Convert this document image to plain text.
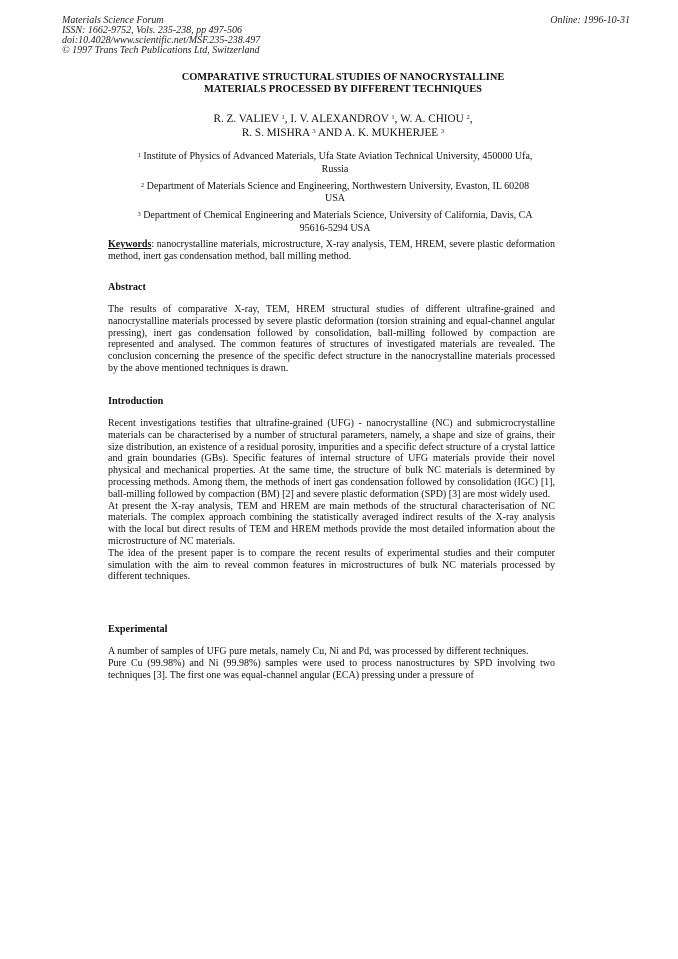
Materials Science Forum
ISSN: 1662-9752, Vols. 235-238, pp 497-506
doi:10.4028/www.scientific.net/MSF.235-238.497
© 1997 Trans Tech Publications Ltd, Switzerland
Online: 1996-10-31
COMPARATIVE STRUCTURAL STUDIES OF NANOCRYSTALLINE
MATERIALS PROCESSED BY DIFFERENT TECHNIQUES
R. Z. VALIEV $^1$, I. V. ALEXANDROV $^1$, W. A. CHIOU $^2$,
R. S. MISHRA $^3$ AND A. K. MUKHERJEE $^3$
$^1$ Institute of Physics of Advanced Materials, Ufa State Aviation Technical University, 450000 Ufa,
Russia
$^2$ Department of Materials Science and Engineering, Northwestern University, Evaston, IL 60208
USA
$^3$ Department of Chemical Engineering and Materials Science, University of California, Davis, CA
95616-5294 USA
Keywords: nanocrystalline materials, microstructure, X-ray analysis, TEM, HREM, severe plastic deformation method, inert gas condensation method, ball milling method.
Abstract
The results of comparative X-ray, TEM, HREM structural studies of different ultrafine-grained and nanocrystalline materials processed by severe plastic deformation (torsion straining and equal-channel angular pressing), inert gas condensation followed by consolidation, ball-milling followed by compaction are represented and analysed. The common features of structures of investigated materials are revealed. The conclusion concerning the presence of the specific defect structure in the nanocrystalline materials processed by the above mentioned techniques is drawn.
Introduction

Recent investigations testifies that ultrafine-grained (UFG) - nanocrystalline (NC) and submicrocrystalline materials can be characterised by a number of structural parameters, namely, a shape and size of grains, their size distribution, an existence of a residual porosity, impurities and a specific defect structure of a crystal lattice and grain boundaries (GBs). Specific features of internal structure of UFG materials provide their novel physical and mechanical properties. At the same time, the structure of bulk NC materials is determined by processing methods. Among them, the methods of inert gas condensation followed by consolidation (IGC) [1], ball-milling followed by compaction (BM) [2] and severe plastic deformation (SPD) [3] are most widely used.

At present the X-ray analysis, TEM and HREM are main methods of the structural characterisation of NC materials. The complex approach combining the statistically averaged indirect results of the X-ray analysis with the local but direct results of TEM and HREM methods provide the most detailed information about the microstructure of NC materials.

The idea of the present paper is to compare the recent results of experimental studies and their computer simulation with the aim to reveal common features in microstructures of bulk NC materials processed by different techniques.

Experimental

A number of samples of UFG pure metals, namely Cu, Ni and Pd, was processed by different techniques.

Pure Cu (99.98%) and Ni (99.98%) samples were used to process nanostructures by SPD involving two techniques [3]. The first one was equal-channel angular (ECA) pressing under a pressure of
